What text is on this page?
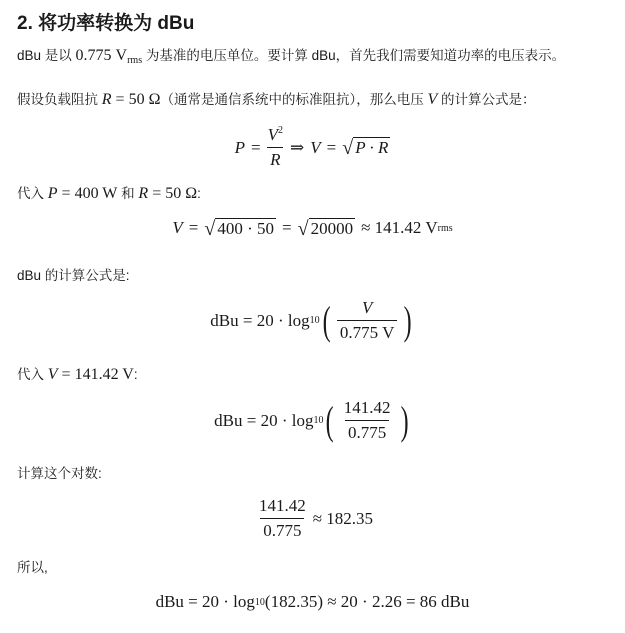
2. 将功率转换为 dBu

dBu 是以 0.775 $V_{rms}$ 为基准的电压单位。要计算 dBu，首先我们需要知道功率的电压表示。

假设负载阻抗 R = 50 Ω（通常是通信系统中的标准阻抗），那么电压 V 的计算公式是：

$P = \frac{V^2}{R}$ ⇒ V = √ P · R

代入 P = 400 W 和 R = 50 Ω:

V = √ 400 · 50 = √ 20000 ≈ 141.42 V rms

dBu 的计算公式是:

dBu = 20 · log 10 ( $\frac{V}{0.775 V}$ )

代入 V = 141.42 V:

dBu = 20 · log 10 ( $\frac{141.42}{0.775}$ )

计算这个对数:

$\frac{141.42}{0.775} \approx 182.35$

所以,

dBu = 20 · log 10 (182.35) ≈ 20 · 2.26 = 86 dBu
